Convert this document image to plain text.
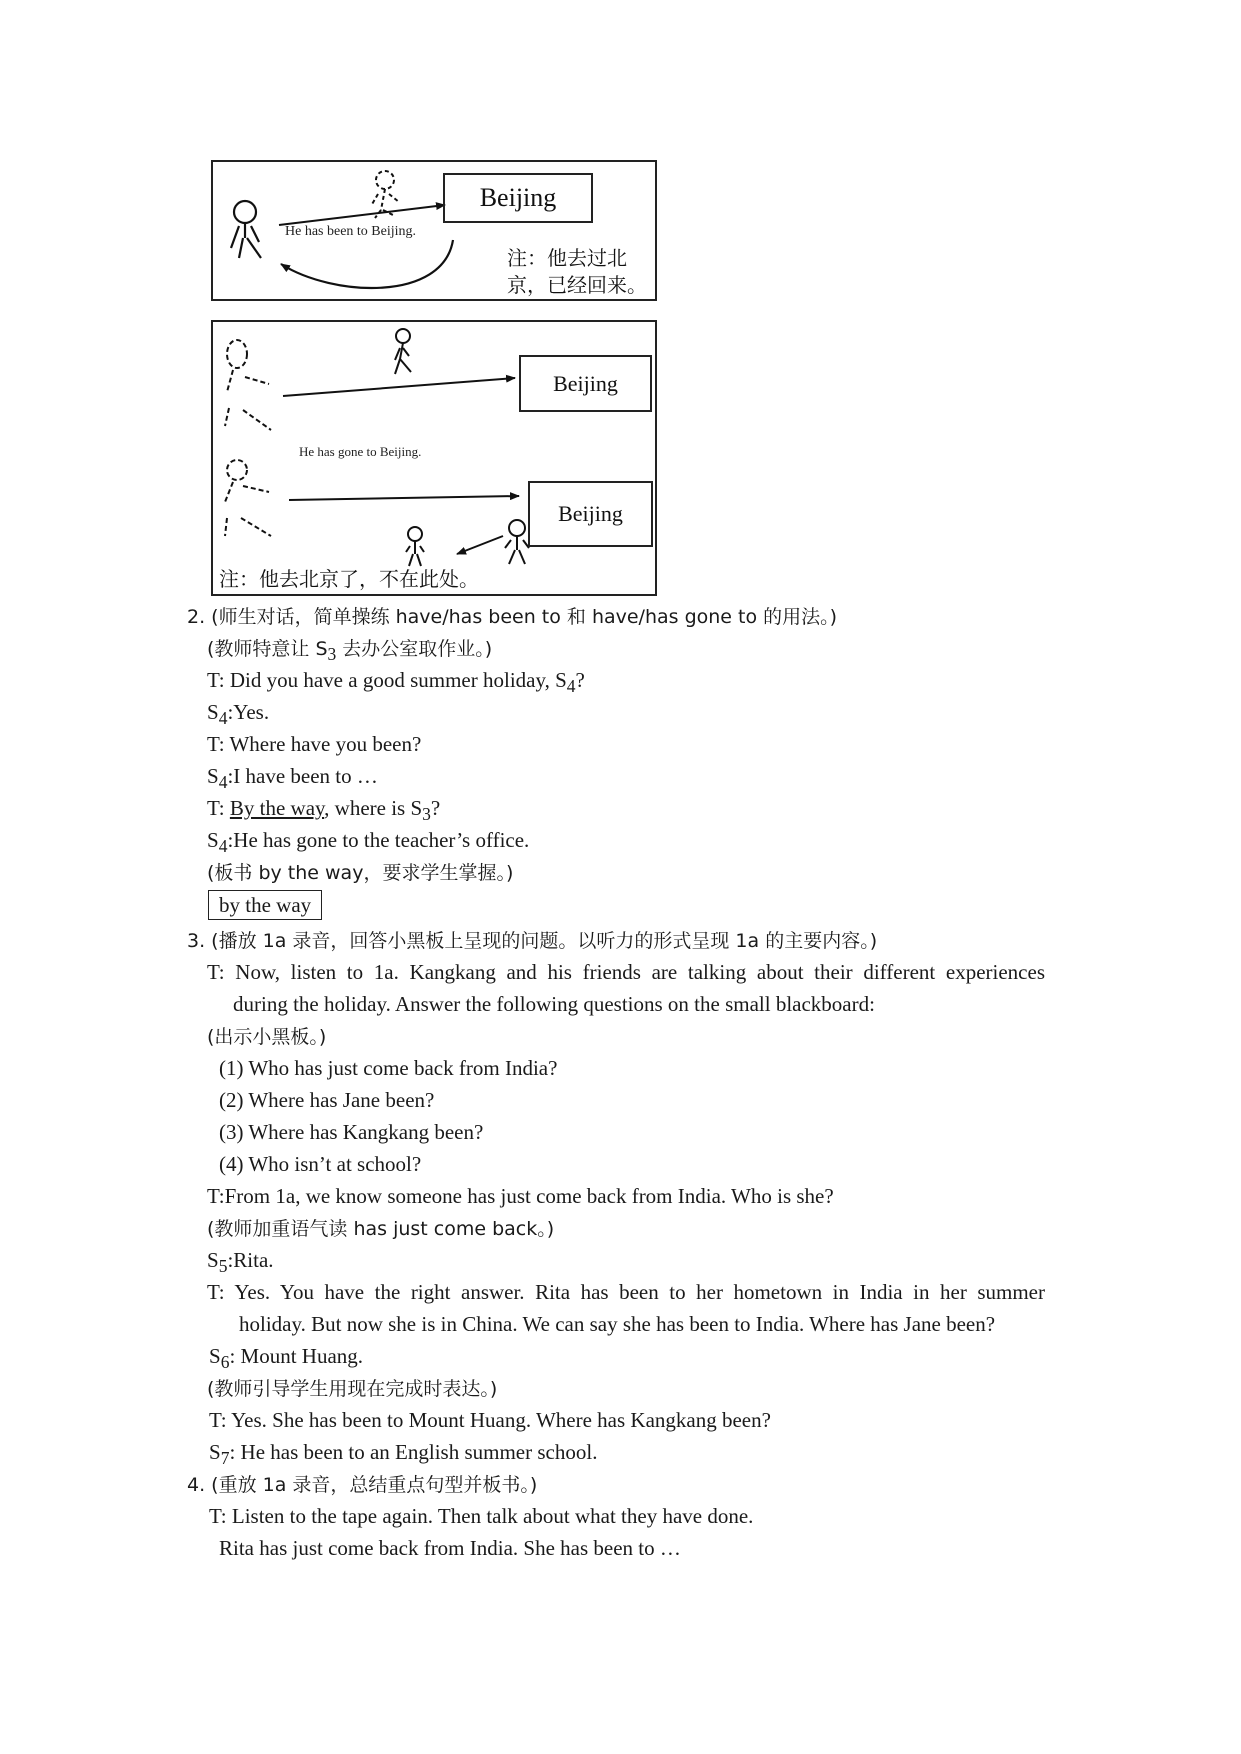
Beijing
He has been to Beijing.
注：他去过北
京，已经回来。
Beijing
Beijing
He has gone to Beijing.
注：他去北京了，不在此处。
2. (师生对话，简单操练 have/has been to 和 have/has gone to 的用法。)
(教师特意让 $S_3$ 去办公室取作业。)
T: Did you have a good summer holiday, $S_4$?
$S_4:Yes$.
T: Where have you been?
$S_4:I$ have been to …
T: By the way, where is $S_3$?
$S_4:He$ has gone to the teacher’s office.
(板书 by the way，要求学生掌握。)
by the way
3. (播放 1a 录音，回答小黑板上呈现的问题。以听力的形式呈现 1a 的主要内容。)
T: Now, listen to 1a. Kangkang and his friends are talking about their different experiences
during the holiday. Answer the following questions on the small blackboard:
(出示小黑板。)
(1) Who has just come back from India?
(2) Where has Jane been?
(3) Where has Kangkang been?
(4) Who isn’t at school?
T:From 1a, we know someone has just come back from India. Who is she?
(教师加重语气读 has just come back。)
$S_5:Rita$.
T: Yes. You have the right answer. Rita has been to her hometown in India in her summer
holiday. But now she is in China. We can say she has been to India. Where has Jane been?
$S_6$: Mount Huang.
(教师引导学生用现在完成时表达。)
T: Yes. She has been to Mount Huang. Where has Kangkang been?
$S_7$: He has been to an English summer school.
4. (重放 1a 录音，总结重点句型并板书。)
T: Listen to the tape again. Then talk about what they have done.
Rita has just come back from India. She has been to …
